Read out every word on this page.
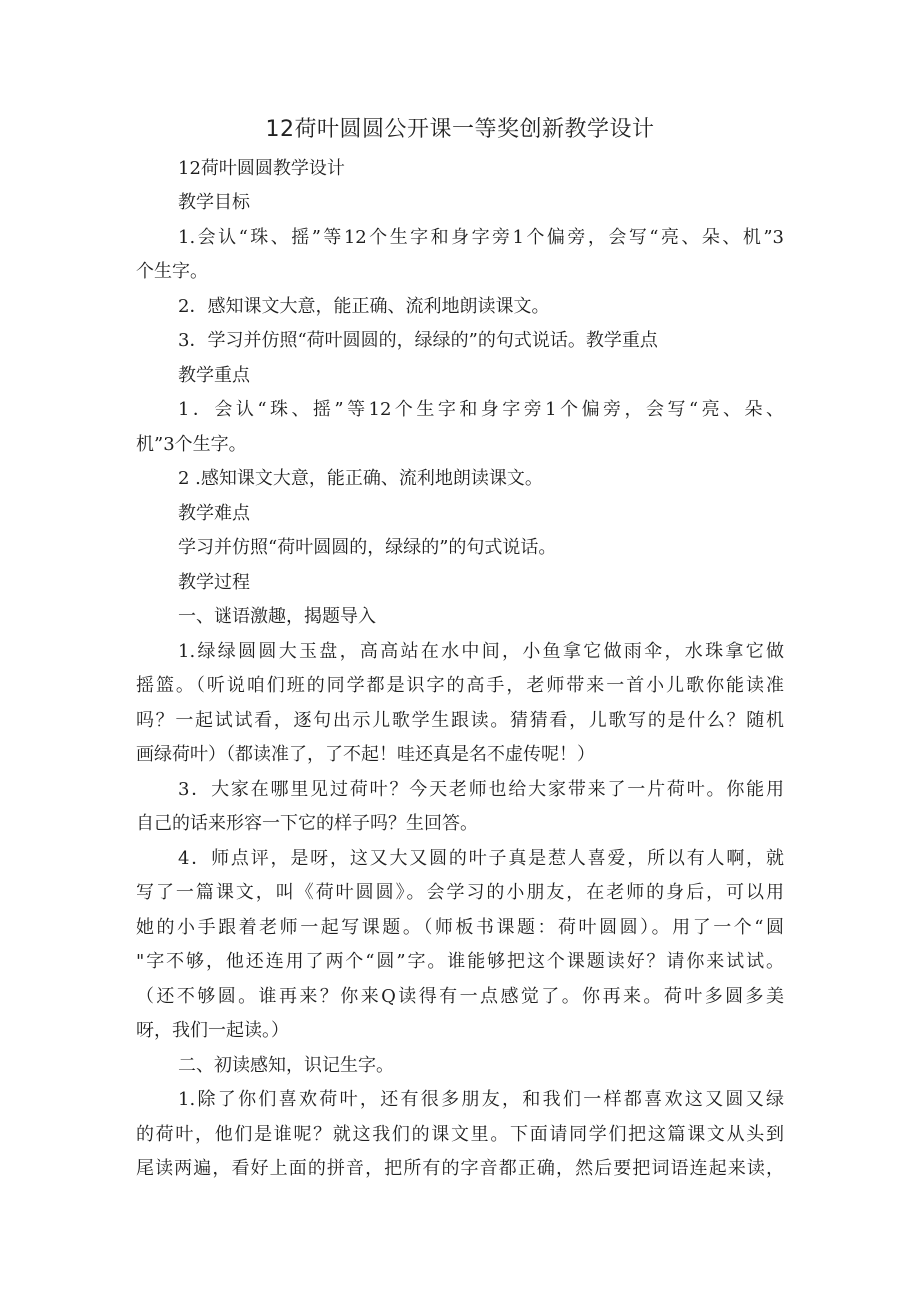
12荷叶圆圆公开课一等奖创新教学设计
12荷叶圆圆教学设计
教学目标
1.会认“珠、摇”等12个生字和身字旁1个偏旁，会写“亮、朵、机”3
个生字。
2．感知课文大意，能正确、流利地朗读课文。
3．学习并仿照“荷叶圆圆的，绿绿的”的句式说话。教学重点
教学重点
1．会认“珠、摇”等12个生字和身字旁1个偏旁，会写“亮、朵、
机”3个生字。
2 .感知课文大意，能正确、流利地朗读课文。
教学难点
学习并仿照“荷叶圆圆的，绿绿的”的句式说话。
教学过程
一、谜语激趣，揭题导入
1.绿绿圆圆大玉盘，高高站在水中间，小鱼拿它做雨伞，水珠拿它做
摇篮。（听说咱们班的同学都是识字的高手，老师带来一首小儿歌你能读准
吗？一起试试看，逐句出示儿歌学生跟读。猜猜看，儿歌写的是什么？随机
画绿荷叶）（都读准了，了不起！哇还真是名不虚传呢！）
3．大家在哪里见过荷叶？今天老师也给大家带来了一片荷叶。你能用
自己的话来形容一下它的样子吗？生回答。
4．师点评，是呀，这又大又圆的叶子真是惹人喜爱，所以有人啊，就
写了一篇课文，叫《荷叶圆圆》。会学习的小朋友，在老师的身后，可以用
她的小手跟着老师一起写课题。（师板书课题：荷叶圆圆）。用了一个“圆
"字不够，他还连用了两个“圆”字。谁能够把这个课题读好？请你来试试。
（还不够圆。谁再来？你来Q读得有一点感觉了。你再来。荷叶多圆多美
呀，我们一起读。）
二、初读感知，识记生字。
1.除了你们喜欢荷叶，还有很多朋友，和我们一样都喜欢这又圆又绿
的荷叶，他们是谁呢？就这我们的课文里。下面请同学们把这篇课文从头到
尾读两遍，看好上面的拼音，把所有的字音都正确，然后要把词语连起来读，
